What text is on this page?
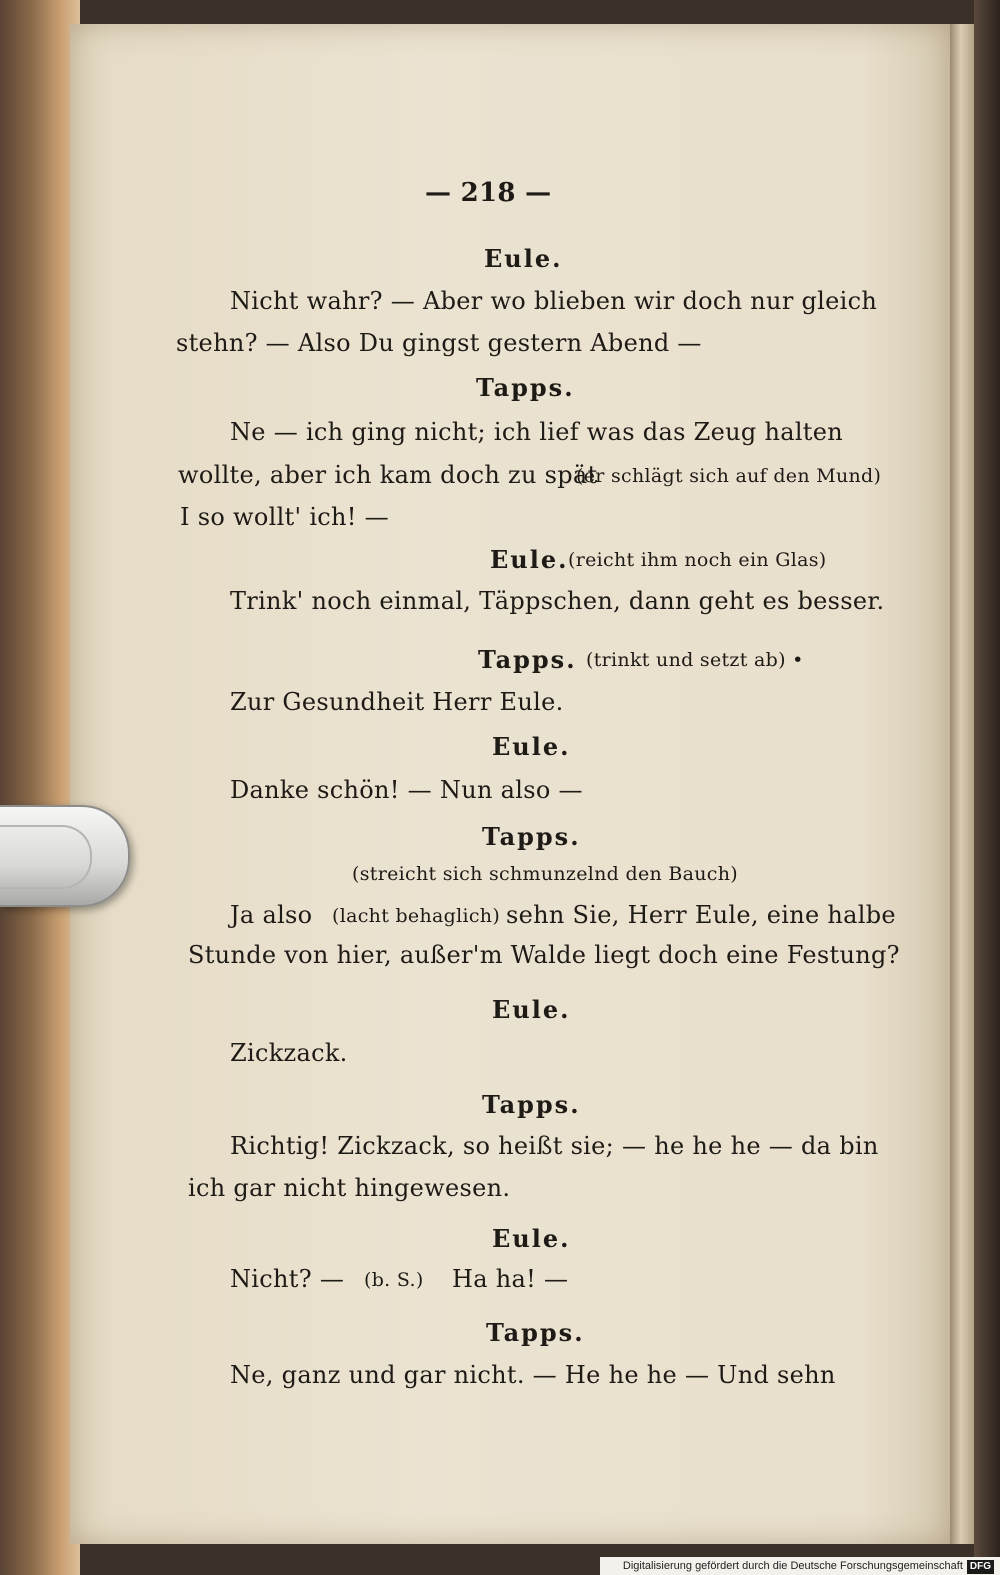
— 218 —
Eule.
Nicht wahr? — Aber wo blieben wir doch nur gleich
stehn? — Also Du gingst gestern Abend —
Tapps.
Ne — ich ging nicht; ich lief was das Zeug halten
wollte, aber ich kam doch zu spät
(er schlägt sich auf den Mund)
I so wollt' ich! —
Eule. (reicht ihm noch ein Glas)
Trink' noch einmal, Täppschen, dann geht es besser.
Tapps. (trinkt und setzt ab) •
Zur Gesundheit Herr Eule.
Eule.
Danke schön! — Nun also —
Tapps.
(streicht sich schmunzelnd den Bauch)
Ja also (lacht behaglich) sehn Sie, Herr Eule, eine halbe
Stunde von hier, außer'm Walde liegt doch eine Festung?
Eule.
Zickzack.
Tapps.
Richtig! Zickzack, so heißt sie; — he he he — da bin
ich gar nicht hingewesen.
Eule.
Nicht? — (b. S.) Ha ha! —
Tapps.
Ne, ganz und gar nicht. — He he he — Und sehn
Digitalisierung gefördert durch die Deutsche Forschungsgemeinschaft DFG
